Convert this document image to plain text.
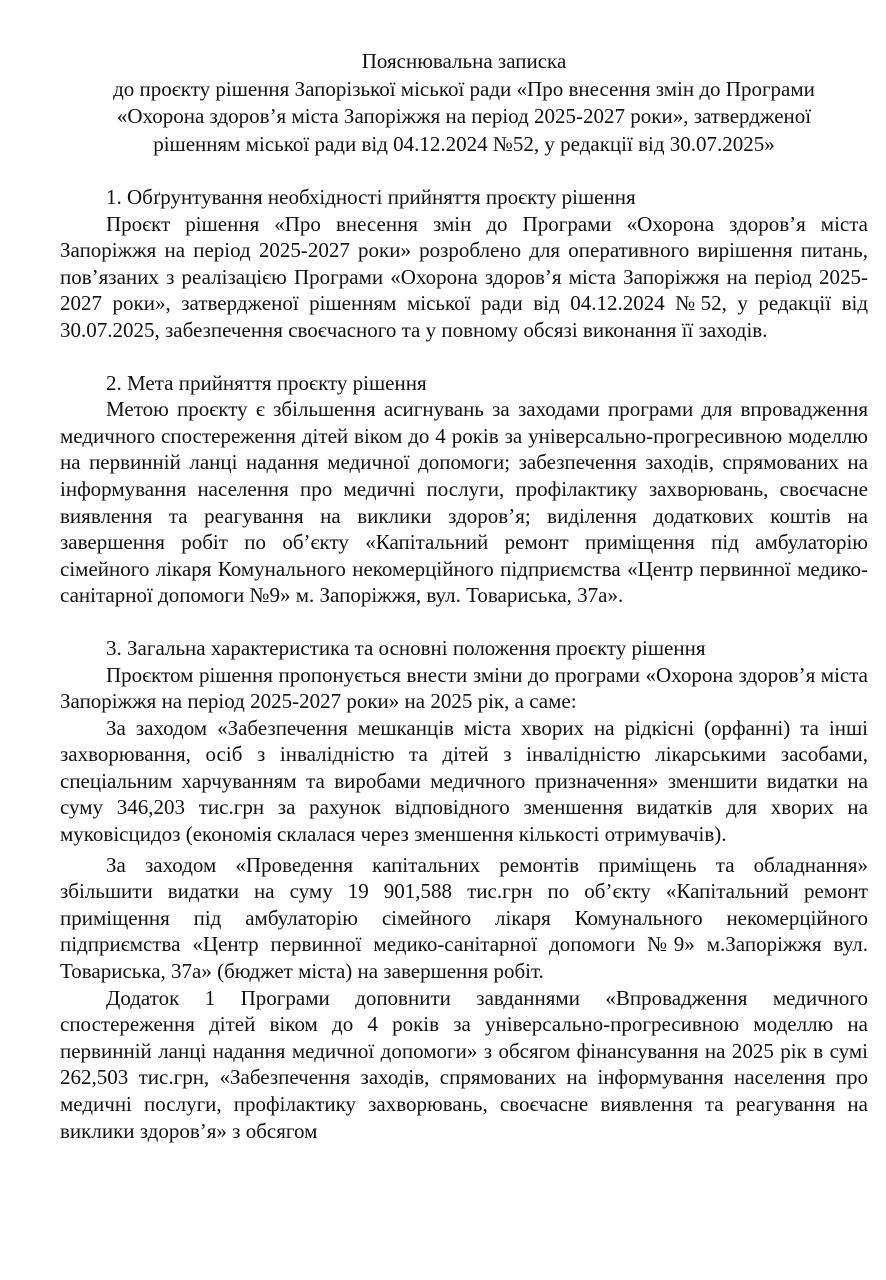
Пояснювальна записка
до проєкту рішення Запорізької міської ради «Про внесення змін до Програми
«Охорона здоров’я міста Запоріжжя на період 2025-2027 роки», затвердженої
рішенням міської ради від 04.12.2024 №52, у редакції від 30.07.2025»

1. Обґрунтування необхідності прийняття проєкту рішення

Проєкт рішення «Про внесення змін до Програми «Охорона здоров’я міста Запоріжжя на період 2025-2027 роки» розроблено для оперативного вирішення питань, пов’язаних з реалізацією Програми «Охорона здоров’я міста Запоріжжя на період 2025-2027 роки», затвердженої рішенням міської ради від 04.12.2024 №52, у редакції від 30.07.2025, забезпечення своєчасного та у повному обсязі виконання її заходів.

2. Мета прийняття проєкту рішення

Метою проєкту є збільшення асигнувань за заходами програми для впровадження медичного спостереження дітей віком до 4 років за універсально-прогресивною моделлю на первинній ланці надання медичної допомоги; забезпечення заходів, спрямованих на інформування населення про медичні послуги, профілактику захворювань, своєчасне виявлення та реагування на виклики здоров’я; виділення додаткових коштів на завершення робіт по об’єкту «Капітальний ремонт приміщення під амбулаторію сімейного лікаря Комунального некомерційного підприємства «Центр первинної медико-санітарної допомоги №9» м. Запоріжжя, вул. Товариська, 37а».

3. Загальна характеристика та основні положення проєкту рішення

Проєктом рішення пропонується внести зміни до програми «Охорона здоров’я міста Запоріжжя на період 2025-2027 роки» на 2025 рік, а саме:

За заходом «Забезпечення мешканців міста хворих на рідкісні (орфанні) та інші захворювання, осіб з інвалідністю та дітей з інвалідністю лікарськими засобами, спеціальним харчуванням та виробами медичного призначення» зменшити видатки на суму 346,203 тис.грн за рахунок відповідного зменшення видатків для хворих на муковісцидоз (економія склалася через зменшення кількості отримувачів).

За заходом «Проведення капітальних ремонтів приміщень та обладнання» збільшити видатки на суму 19 901,588 тис.грн по об’єкту «Капітальний ремонт приміщення під амбулаторію сімейного лікаря Комунального некомерційного підприємства «Центр первинної медико-санітарної допомоги №9» м.Запоріжжя вул. Товариська, 37а» (бюджет міста) на завершення робіт.

Додаток 1 Програми доповнити завданнями «Впровадження медичного спостереження дітей віком до 4 років за універсально-прогресивною моделлю на первинній ланці надання медичної допомоги» з обсягом фінансування на 2025 рік в сумі 262,503 тис.грн, «Забезпечення заходів, спрямованих на інформування населення про медичні послуги, профілактику захворювань, своєчасне виявлення та реагування на виклики здоров’я» з обсягом
